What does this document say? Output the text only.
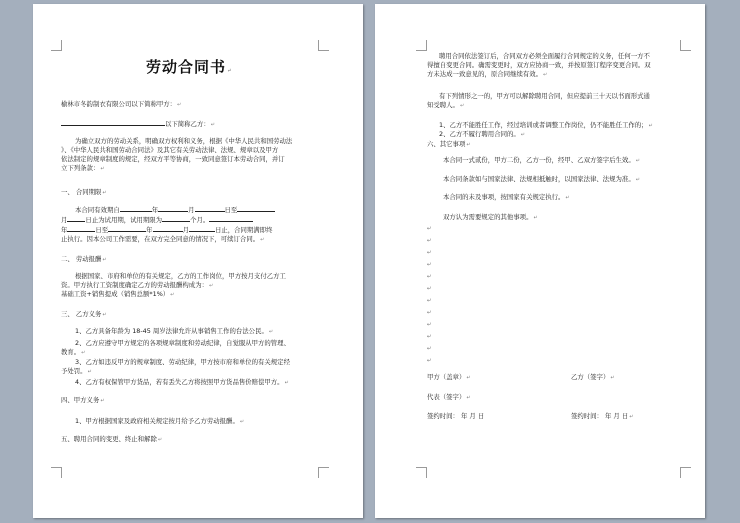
劳动合同书↵
榆林市冬韵制衣有限公司以下简称甲方：↵
以下简称乙方：↵
为确立双方的劳动关系，明确双方权利和义务，根据《中华人民共和国劳动法
》、《中华人民共和国劳动合同法》及其它有关劳动法律、法规、规章以及甲方
依法制定的规章制度的规定，经双方平等协商，一致同意签订本劳动合同，并订
立下列条款：↵
一、 合同期限↵
本合同有效期自	年	月	日至
月	日止为试用期，试用期限为	个月。
年	日至	年	月	日止，合同期满即终
止执行。因本公司工作需要，在双方完全同意的情况下，可续订合同。↵
二、 劳动报酬↵
根据国家、市府和单位的有关规定，乙方的工作岗位，甲方按月支付乙方工
资。甲方执行工资制度确定乙方的劳动报酬构成为：↵
基础工资+销售提成（销售总额*1%）↵
三、 乙方义务↵
1、乙方具备年龄为 18-45 周岁法律允许从事销售工作的台法公民。↵
2、乙方应遵守甲方规定的各项规章制度和劳动纪律，自觉服从甲方的管理、
教育。↵
3、乙方如违反甲方的规章制度、劳动纪律，甲方按市府和单位的有关规定经
予处罚。↵
4、乙方有权保管甲方货品，若有丢失乙方将按照甲方货品售价赔偿甲方。↵
四、甲方义务↵
1、甲方根据国家及政府相关规定按月给予乙方劳动报酬。↵
五、聘用合同的变更、终止和解除↵
聘用合同依法签订后，合同双方必须全面履行合同规定的义务，任何一方不
得擅自变更合同。确需变更时，双方应协商一致，并按原签订程序变更合同。双
方未达成一致意见的，原合同继续有效。↵
有下列情形之一的，甲方可以解除聘用合同，但应提前三十天以书面形式通
知受聘人。↵
1、乙方不能胜任工作，经过培训或者调整工作岗位，仍不能胜任工作的；↵
2、乙方不履行聘用合同的。↵
六、其它事项↵
本合同一式贰份，甲方二份，乙方一份，经甲、乙双方签字后生效。↵
本合同条款如与国家法律、法规相抵触时，以国家法律、法规为准。↵
本合同的未及事项，按国家有关规定执行。↵
双方认为需要规定的其他事项。↵
↵
↵
↵
↵
↵
↵
↵
↵
↵
↵
↵
↵
甲方（盖章）↵	乙方（签字）↵
代表（签字）↵
签约时间： 年 月 日	签约时间： 年 月 日↵
